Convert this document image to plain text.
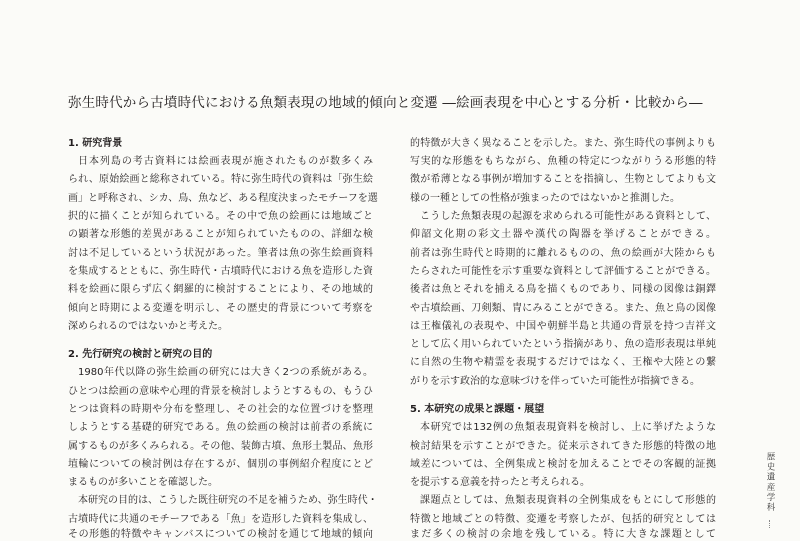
弥生時代から古墳時代における魚類表現の地域的傾向と変遷 ―絵画表現を中心とする分析・比較から―
1. 研究背景
日本列島の考古資料には絵画表現が施されたものが数多くみ
られ、原始絵画と総称されている。特に弥生時代の資料は「弥生絵
画」と呼称され、シカ、鳥、魚など、ある程度決まったモチーフを選
択的に描くことが知られている。その中で魚の絵画には地域ごと
の顕著な形態的差異があることが知られていたものの、詳細な検
討は不足しているという状況があった。筆者は魚の弥生絵画資料
を集成するとともに、弥生時代・古墳時代における魚を造形した資
料を絵画に限らず広く網羅的に検討することにより、その地域的
傾向と時期による変遷を明示し、その歴史的背景について考察を
深められるのではないかと考えた。
2. 先行研究の検討と研究の目的
1980年代以降の弥生絵画の研究には大きく2つの系統がある。
ひとつは絵画の意味や心理的背景を検討しようとするもの、もうひ
とつは資料の時期や分布を整理し、その社会的な位置づけを整理
しようとする基礎的研究である。魚の絵画の検討は前者の系統に
属するものが多くみられる。その他、装飾古墳、魚形土製品、魚形
埴輪についての検討例は存在するが、個別の事例紹介程度にとど
まるものが多いことを確認した。
本研究の目的は、こうした既往研究の不足を補うため、弥生時代・
古墳時代に共通のモチーフである「魚」を造形した資料を集成し、
その形態的特徴やキャンバスについての検討を通じて地域的傾向
的特徴が大きく異なることを示した。また、弥生時代の事例よりも
写実的な形態をもちながら、魚種の特定につながりうる形態的特
徴が希薄となる事例が増加することを指摘し、生物としてよりも文
様の一種としての性格が強まったのではないかと推測した。
こうした魚類表現の起源を求められる可能性がある資料として、
仰韶文化期の彩文土器や漢代の陶器を挙げることができる。
前者は弥生時代と時期的に離れるものの、魚の絵画が大陸からも
たらされた可能性を示す重要な資料として評価することができる。
後者は魚とそれを捕える鳥を描くものであり、同様の図像は銅鐸
や古墳絵画、刀剣類、冑にみることができる。また、魚と鳥の図像
は王権儀礼の表現や、中国や朝鮮半島と共通の背景を持つ吉祥文
として広く用いられていたという指摘があり、魚の造形表現は単純
に自然の生物や精霊を表現するだけではなく、王権や大陸との繋
がりを示す政治的な意味づけを伴っていた可能性が指摘できる。
5. 本研究の成果と課題・展望
本研究では132例の魚類表現資料を検討し、上に挙げたような
検討結果を示すことができた。従来示されてきた形態的特徴の地
域差については、全例集成と検討を加えることでその客観的証拠
を提示する意義を持ったと考えられる。
課題点としては、魚類表現資料の全例集成をもとにして形態的
特徴と地域ごとの特徴、変遷を考察したが、包括的研究としては
まだ多くの検討の余地を残している。特に大きな課題として
歴史遺産学科
